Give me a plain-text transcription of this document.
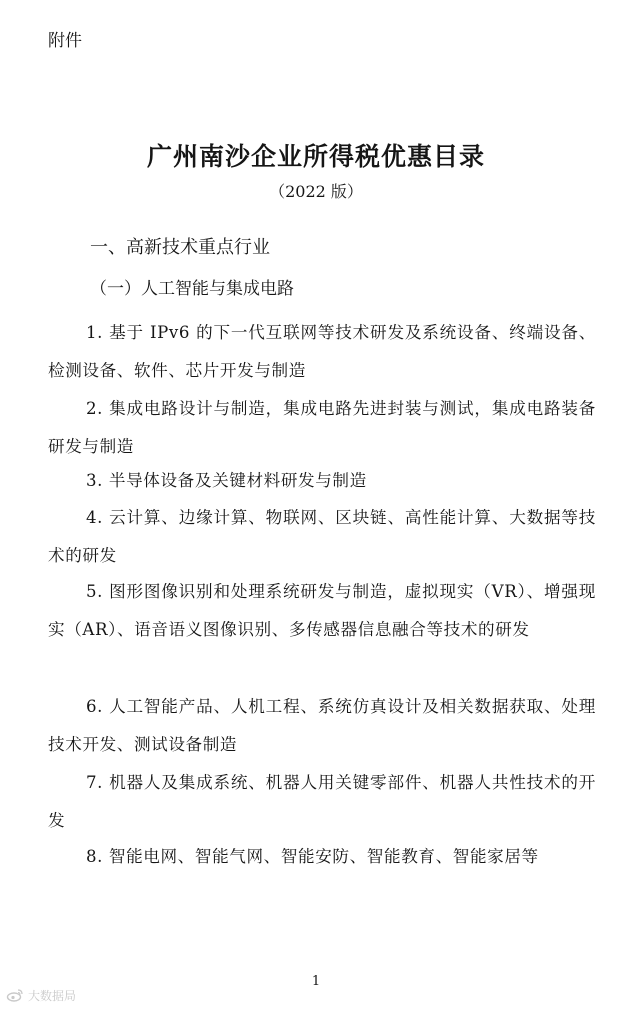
附件
广州南沙企业所得税优惠目录
（2022 版）
一、高新技术重点行业
（一）人工智能与集成电路

1. 基于 IPv6 的下一代互联网等技术研发及系统设备、终端设备、检测设备、软件、芯片开发与制造

2. 集成电路设计与制造，集成电路先进封装与测试，集成电路装备研发与制造

3. 半导体设备及关键材料研发与制造

4. 云计算、边缘计算、物联网、区块链、高性能计算、大数据等技术的研发

5. 图形图像识别和处理系统研发与制造，虚拟现实（VR）、增强现实（AR）、语音语义图像识别、多传感器信息融合等技术的研发

6. 人工智能产品、人机工程、系统仿真设计及相关数据获取、处理技术开发、测试设备制造

7. 机器人及集成系统、机器人用关键零部件、机器人共性技术的开发

8. 智能电网、智能气网、智能安防、智能教育、智能家居等

1
大数据局
